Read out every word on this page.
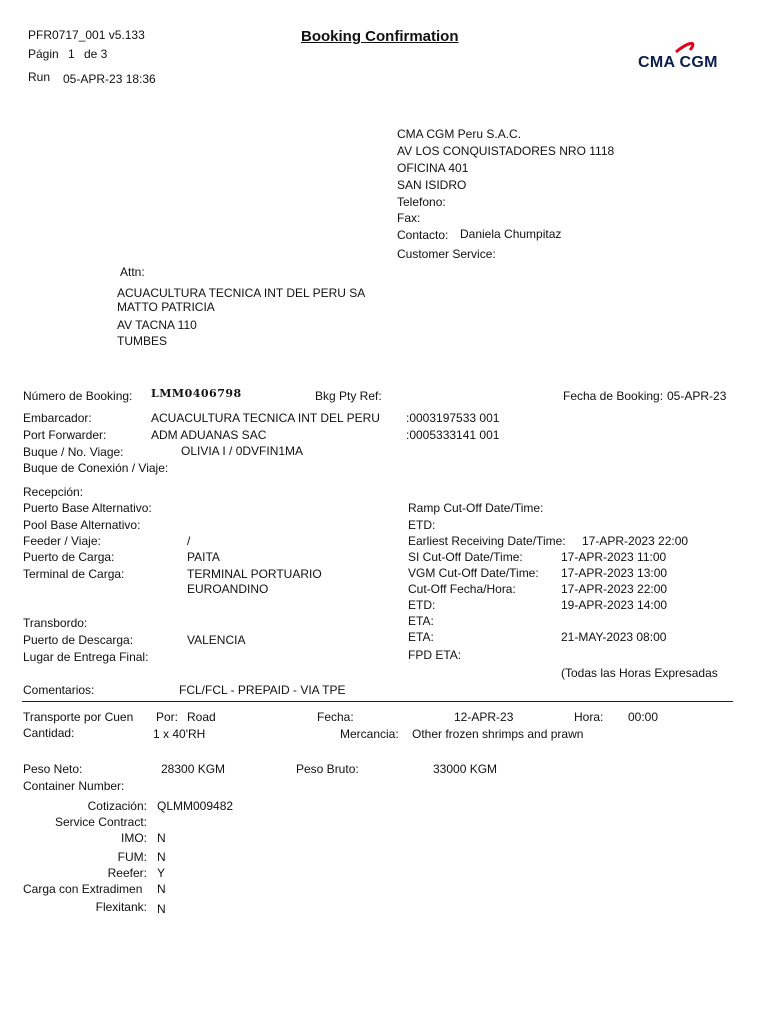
PFR0717_001 v5.133
Págin 1 de 3
Run 05-APR-23 18:36
Booking Confirmation
CMA CGM
CMA CGM Peru S.A.C.
AV LOS CONQUISTADORES NRO 1118
OFICINA 401
SAN ISIDRO
Telefono:
Fax:
Contacto: Daniela Chumpitaz
Customer Service:
Attn:
ACUACULTURA TECNICA INT DEL PERU SA
MATTO PATRICIA
AV TACNA 110
TUMBES
Número de Booking: LMM0406798	Bkg Pty Ref:	Fecha de Booking: 05-APR-23
Embarcador:	ACUACULTURA TECNICA INT DEL PERU :0003197533 001
Port Forwarder:	ADM ADUANAS SAC	:0005333141 001
Buque / No. Viage:	OLIVIA I / 0DVFIN1MA
Buque de Conexión / Viaje:
Recepción:
Puerto Base Alternativo:
Pool Base Alternativo:
Feeder / Viaje:	/
Puerto de Carga:	PAITA
Terminal de Carga:	TERMINAL PORTUARIO
EUROANDINO
Transbordo:
Puerto de Descarga:	VALENCIA
Lugar de Entrega Final:
Ramp Cut-Off Date/Time:
ETD:
Earliest Receiving Date/Time: 17-APR-2023 22:00
SI Cut-Off Date/Time:	17-APR-2023 11:00
VGM Cut-Off Date/Time: 17-APR-2023 13:00
Cut-Off Fecha/Hora:	17-APR-2023 22:00
ETD:	19-APR-2023 14:00
ETA:
ETA:	21-MAY-2023 08:00
FPD ETA:
(Todas las Horas Expresadas
Comentarios:	FCL/FCL - PREPAID - VIA TPE
Transporte por Cuen Por: Road	Fecha:	12-APR-23	Hora: 00:00
Cantidad:	1 x 40'RH	Mercancia: Other frozen shrimps and prawn
Peso Neto:	28300 KGM	Peso Bruto:	33000 KGM
Container Number:
Cotización: QLMM009482
Service Contract:
IMO: N
FUM: N
Reefer: Y
Carga con Extradimen	N
Flexitank: N
